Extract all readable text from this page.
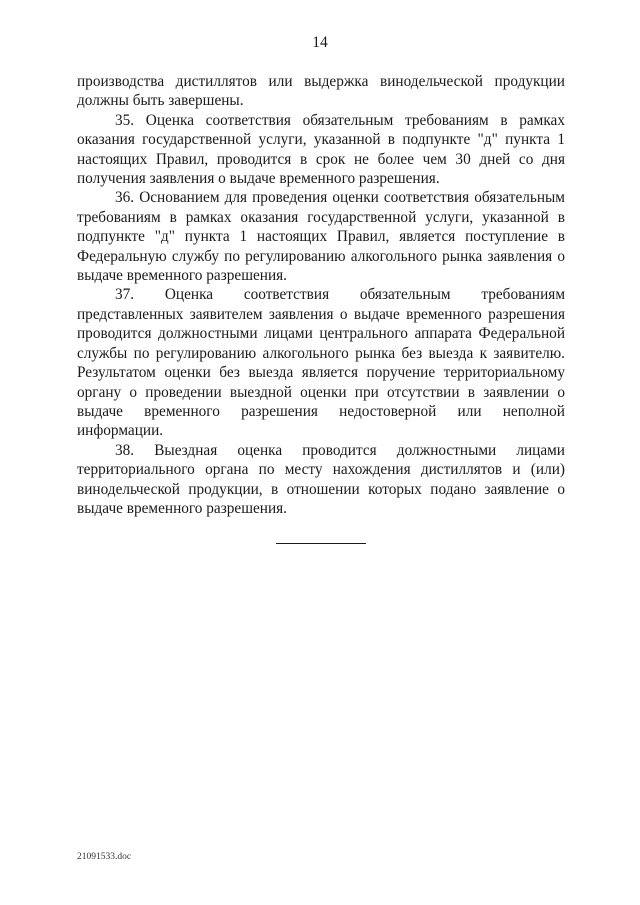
14

производства дистиллятов или выдержка винодельческой продукции должны быть завершены.

35. Оценка соответствия обязательным требованиям в рамках оказания государственной услуги, указанной в подпункте "д" пункта 1 настоящих Правил, проводится в срок не более чем 30 дней со дня получения заявления о выдаче временного разрешения.

36. Основанием для проведения оценки соответствия обязательным требованиям в рамках оказания государственной услуги, указанной в подпункте "д" пункта 1 настоящих Правил, является поступление в Федеральную службу по регулированию алкогольного рынка заявления о выдаче временного разрешения.

37. Оценка соответствия обязательным требованиям представленных заявителем заявления о выдаче временного разрешения проводится должностными лицами центрального аппарата Федеральной службы по регулированию алкогольного рынка без выезда к заявителю. Результатом оценки без выезда является поручение территориальному органу о проведении выездной оценки при отсутствии в заявлении о выдаче временного разрешения недостоверной или неполной информации.

38. Выездная оценка проводится должностными лицами территориального органа по месту нахождения дистиллятов и (или) винодельческой продукции, в отношении которых подано заявление о выдаче временного разрешения.

21091533.doc
